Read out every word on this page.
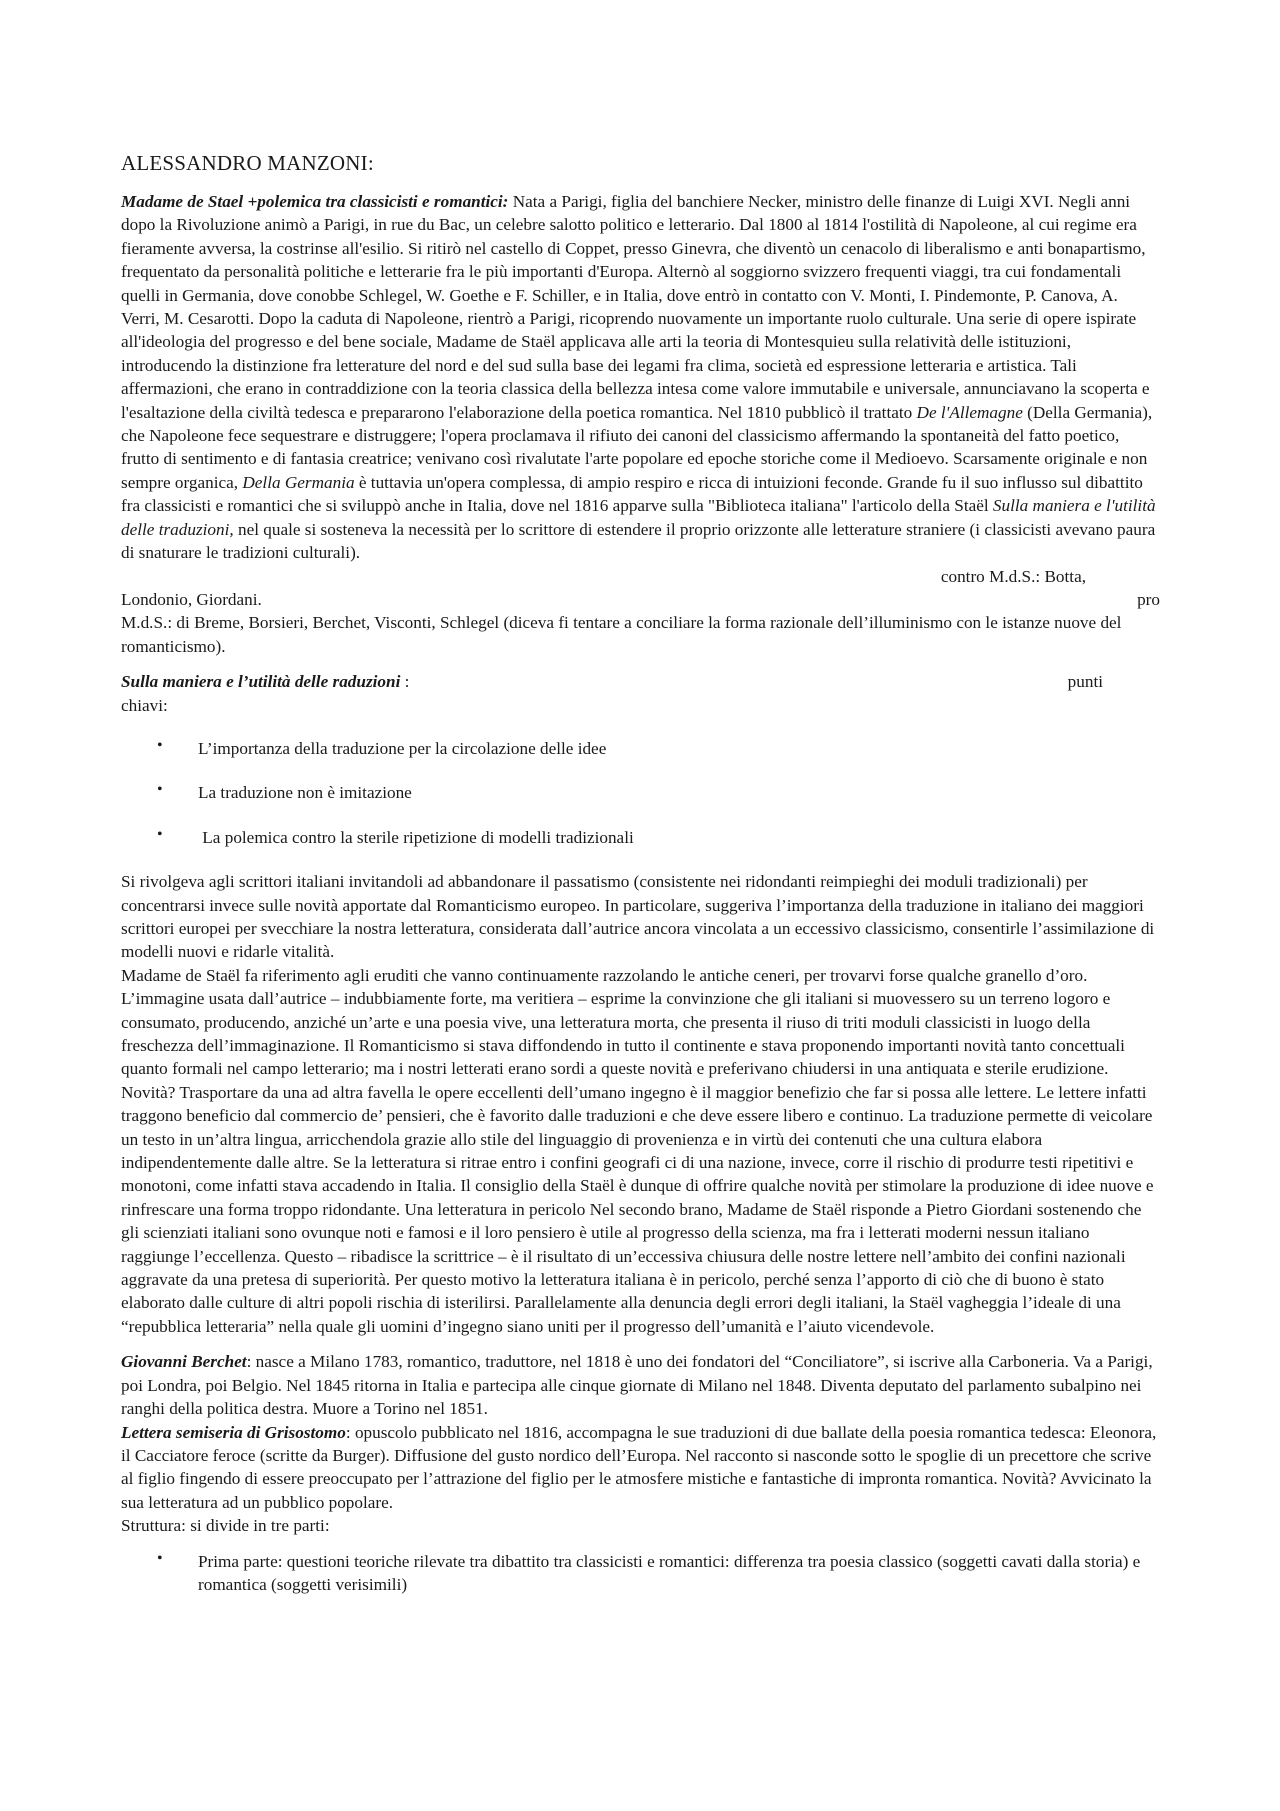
ALESSANDRO MANZONI:

Madame de Stael +polemica tra classicisti e romantici: Nata a Parigi, figlia del banchiere Necker, ministro delle finanze di Luigi XVI. Negli anni dopo la Rivoluzione animò a Parigi, in rue du Bac, un celebre salotto politico e letterario. Dal 1800 al 1814 l'ostilità di Napoleone, al cui regime era fieramente avversa, la costrinse all'esilio. Si ritirò nel castello di Coppet, presso Ginevra, che diventò un cenacolo di liberalismo e anti bonapartismo, frequentato da personalità politiche e letterarie fra le più importanti d'Europa. Alternò al soggiorno svizzero frequenti viaggi, tra cui fondamentali quelli in Germania, dove conobbe Schlegel, W. Goethe e F. Schiller, e in Italia, dove entrò in contatto con V. Monti, I. Pindemonte, P. Canova, A. Verri, M. Cesarotti. Dopo la caduta di Napoleone, rientrò a Parigi, ricoprendo nuovamente un importante ruolo culturale. Una serie di opere ispirate all'ideologia del progresso e del bene sociale, Madame de Staël applicava alle arti la teoria di Montesquieu sulla relatività delle istituzioni, introducendo la distinzione fra letterature del nord e del sud sulla base dei legami fra clima, società ed espressione letteraria e artistica. Tali affermazioni, che erano in contraddizione con la teoria classica della bellezza intesa come valore immutabile e universale, annunciavano la scoperta e l'esaltazione della civiltà tedesca e prepararono l'elaborazione della poetica romantica. Nel 1810 pubblicò il trattato De l'Allemagne (Della Germania), che Napoleone fece sequestrare e distruggere; l'opera proclamava il rifiuto dei canoni del classicismo affermando la spontaneità del fatto poetico, frutto di sentimento e di fantasia creatrice; venivano così rivalutate l'arte popolare ed epoche storiche come il Medioevo. Scarsamente originale e non sempre organica, Della Germania è tuttavia un'opera complessa, di ampio respiro e ricca di intuizioni feconde. Grande fu il suo influsso sul dibattito fra classicisti e romantici che si sviluppò anche in Italia, dove nel 1816 apparve sulla "Biblioteca italiana" l'articolo della Staël Sulla maniera e l'utilità delle traduzioni, nel quale si sosteneva la necessità per lo scrittore di estendere il proprio orizzonte alle letterature straniere (i classicisti avevano paura di snaturare le tradizioni culturali).

contro M.d.S.: Botta,

Londonio, Giordani.	pro

M.d.S.: di Breme, Borsieri, Berchet, Visconti, Schlegel (diceva fi tentare a conciliare la forma razionale dell’illuminismo con le istanze nuove del romanticismo).

Sulla maniera e l’utilità delle raduzioni :	punti

chiavi:

• L’importanza della traduzione per la circolazione delle idee
• La traduzione non è imitazione
• La polemica contro la sterile ripetizione di modelli tradizionali

Si rivolgeva agli scrittori italiani invitandoli ad abbandonare il passatismo (consistente nei ridondanti reimpieghi dei moduli tradizionali) per concentrarsi invece sulle novità apportate dal Romanticismo europeo. In particolare, suggeriva l’importanza della traduzione in italiano dei maggiori scrittori europei per svecchiare la nostra letteratura, considerata dall’autrice ancora vincolata a un eccessivo classicismo, consentirle l’assimilazione di modelli nuovi e ridarle vitalità.

Madame de Staël fa riferimento agli eruditi che vanno continuamente razzolando le antiche ceneri, per trovarvi forse qualche granello d’oro. L’immagine usata dall’autrice – indubbiamente forte, ma veritiera – esprime la convinzione che gli italiani si muovessero su un terreno logoro e consumato, producendo, anziché un’arte e una poesia vive, una letteratura morta, che presenta il riuso di triti moduli classicisti in luogo della freschezza dell’immaginazione. Il Romanticismo si stava diffondendo in tutto il continente e stava proponendo importanti novità tanto concettuali quanto formali nel campo letterario; ma i nostri letterati erano sordi a queste novità e preferivano chiudersi in una antiquata e sterile erudizione. Novità? Trasportare da una ad altra favella le opere eccellenti dell’umano ingegno è il maggior benefizio che far si possa alle lettere. Le lettere infatti traggono beneficio dal commercio de’ pensieri, che è favorito dalle traduzioni e che deve essere libero e continuo. La traduzione permette di veicolare un testo in un’altra lingua, arricchendola grazie allo stile del linguaggio di provenienza e in virtù dei contenuti che una cultura elabora indipendentemente dalle altre. Se la letteratura si ritrae entro i confini geografi ci di una nazione, invece, corre il rischio di produrre testi ripetitivi e monotoni, come infatti stava accadendo in Italia. Il consiglio della Staël è dunque di offrire qualche novità per stimolare la produzione di idee nuove e rinfrescare una forma troppo ridondante. Una letteratura in pericolo Nel secondo brano, Madame de Staël risponde a Pietro Giordani sostenendo che gli scienziati italiani sono ovunque noti e famosi e il loro pensiero è utile al progresso della scienza, ma fra i letterati moderni nessun italiano raggiunge l’eccellenza. Questo – ribadisce la scrittrice – è il risultato di un’eccessiva chiusura delle nostre lettere nell’ambito dei confini nazionali aggravate da una pretesa di superiorità. Per questo motivo la letteratura italiana è in pericolo, perché senza l’apporto di ciò che di buono è stato elaborato dalle culture di altri popoli rischia di isterilirsi. Parallelamente alla denuncia degli errori degli italiani, la Staël vagheggia l’ideale di una “repubblica letteraria” nella quale gli uomini d’ingegno siano uniti per il progresso dell’umanità e l’aiuto vicendevole.

Giovanni Berchet: nasce a Milano 1783, romantico, traduttore, nel 1818 è uno dei fondatori del “Conciliatore”, si iscrive alla Carboneria. Va a Parigi, poi Londra, poi Belgio. Nel 1845 ritorna in Italia e partecipa alle cinque giornate di Milano nel 1848. Diventa deputato del parlamento subalpino nei ranghi della politica destra. Muore a Torino nel 1851.

Lettera semiseria di Grisostomo: opuscolo pubblicato nel 1816, accompagna le sue traduzioni di due ballate della poesia romantica tedesca: Eleonora, il Cacciatore feroce (scritte da Burger). Diffusione del gusto nordico dell’Europa. Nel racconto si nasconde sotto le spoglie di un precettore che scrive al figlio fingendo di essere preoccupato per l’attrazione del figlio per le atmosfere mistiche e fantastiche di impronta romantica. Novità? Avvicinato la sua letteratura ad un pubblico popolare.

Struttura: si divide in tre parti:

• Prima parte: questioni teoriche rilevate tra dibattito tra classicisti e romantici: differenza tra poesia classico (soggetti cavati dalla storia) e romantica (soggetti verisimili)
